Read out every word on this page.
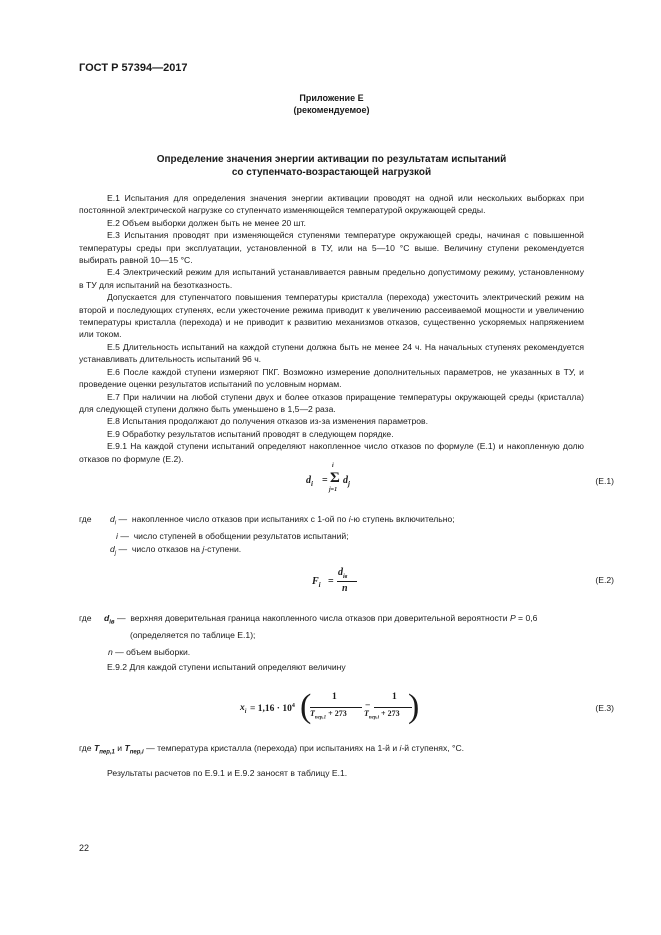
ГОСТ Р 57394—2017
Приложение Е
(рекомендуемое)
Определение значения энергии активации по результатам испытаний
со ступенчато-возрастающей нагрузкой
Е.1 Испытания для определения значения энергии активации проводят на одной или нескольких выборках при постоянной электрической нагрузке со ступенчато изменяющейся температурой окружающей среды.
Е.2 Объем выборки должен быть не менее 20 шт.
Е.3 Испытания проводят при изменяющейся ступенями температуре окружающей среды, начиная с повышенной температуры среды при эксплуатации, установленной в ТУ, или на 5—10 °С выше. Величину ступени рекомендуется выбирать равной 10—15 °С.
Е.4 Электрический режим для испытаний устанавливается равным предельно допустимому режиму, установленному в ТУ для испытаний на безотказность.
Допускается для ступенчатого повышения температуры кристалла (перехода) ужесточить электрический режим на второй и последующих ступенях, если ужесточение режима приводит к увеличению рассеиваемой мощности и увеличению температуры кристалла (перехода) и не приводит к развитию механизмов отказов, существенно ускоряемых напряжением или током.
Е.5 Длительность испытаний на каждой ступени должна быть не менее 24 ч. На начальных ступенях рекомендуется устанавливать длительность испытаний 96 ч.
Е.6 После каждой ступени измеряют ПКГ. Возможно измерение дополнительных параметров, не указанных в ТУ, и проведение оценки результатов испытаний по условным нормам.
Е.7 При наличии на любой ступени двух и более отказов приращение температуры окружающей среды (кристалла) для следующей ступени должно быть уменьшено в 1,5—2 раза.
Е.8 Испытания продолжают до получения отказов из-за изменения параметров.
Е.9 Обработку результатов испытаний проводят в следующем порядке.
Е.9.1 На каждой ступени испытаний определяют накопленное число отказов по формуле (Е.1) и накопленную долю отказов по формуле (Е.2).
$d_i$ =
i
Σ
j=1
$d_j$	(Е.1)
где $d_i$ — накопленное число отказов при испытаниях с 1-ой по i-ю ступень включительно;
i — число ступеней в обобщении результатов испытаний;
$d_j$ — число отказов на j-ступени.
$F_i$ =
$d_{iв}$
n
(Е.2)
где $d_{iв}$ — верхняя доверительная граница накопленного числа отказов при доверительной вероятности P = 0,6
(определяется по таблице Е.1);
n — объем выборки.
Е.9.2 Для каждой ступени испытаний определяют величину
$x_i = 1,16 \cdot 10^4$ ( 1
$T_{пер,1} + 273$
−
1
$T_{пер,i} + 273$ )	(Е.3)
где $T_{пер,1}$ и $T_{пер,i}$ — температура кристалла (перехода) при испытаниях на 1-й и i-й ступенях, °С.
Результаты расчетов по Е.9.1 и Е.9.2 заносят в таблицу Е.1.
22
